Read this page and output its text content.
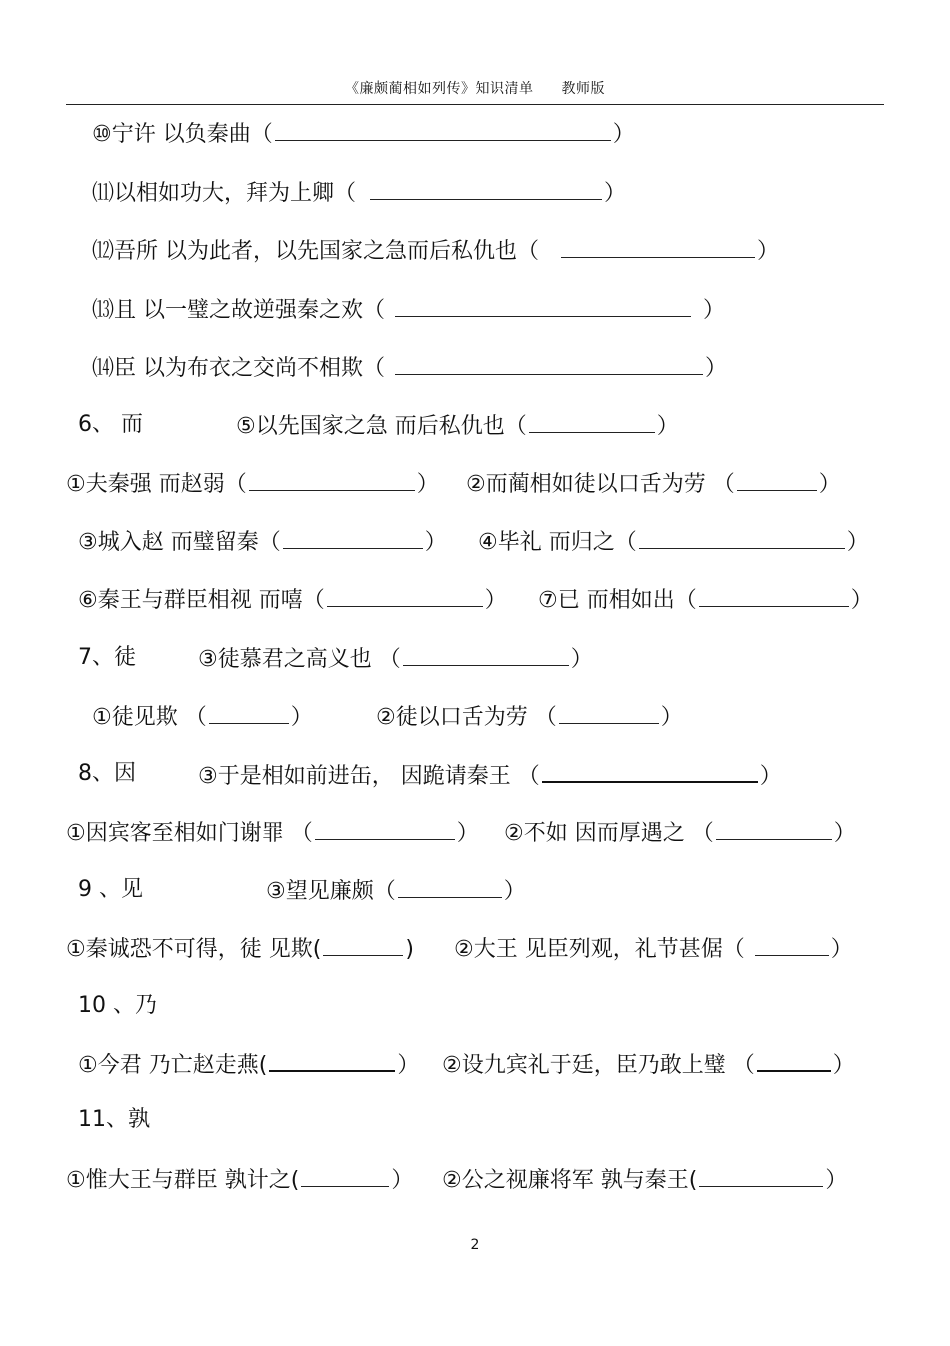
《廉颇蔺相如列传》知识清单 教师版
⑩宁许 以负秦曲（	）
⑾以相如功大，拜为上卿（	）
⑿吾所 以为此者，以先国家之急而后私仇也（	）
⒀且 以一璧之故逆强秦之欢（	）
⒁臣 以为布衣之交尚不相欺（	）
6、 而	⑤以先国家之急 而后私仇也（	）
①夫秦强 而赵弱（	） ②而蔺相如徒以口舌为劳 （	）
③城入赵 而璧留秦（	） ④毕礼 而归之（	）
⑥秦王与群臣相视 而嘻（	） ⑦已 而相如出（	）
7、徒	③徒慕君之高义也 （	）
①徒见欺 （	）	②徒以口舌为劳 （	）
8、因	③于是相如前进缶， 因跪请秦王 （	）
①因宾客至相如门谢罪 （	） ②不如 因而厚遇之 （	）
9 、见	③望见廉颇（	）
①秦诚恐不可得，徒 见欺(	) ②大王 见臣列观，礼节甚倨（	）
10 、乃
①今君 乃亡赵走燕(	） ②设九宾礼于廷，臣乃敢上璧 （	）
11、孰
①惟大王与群臣 孰计之(	） ②公之视廉将军 孰与秦王(	）
2
